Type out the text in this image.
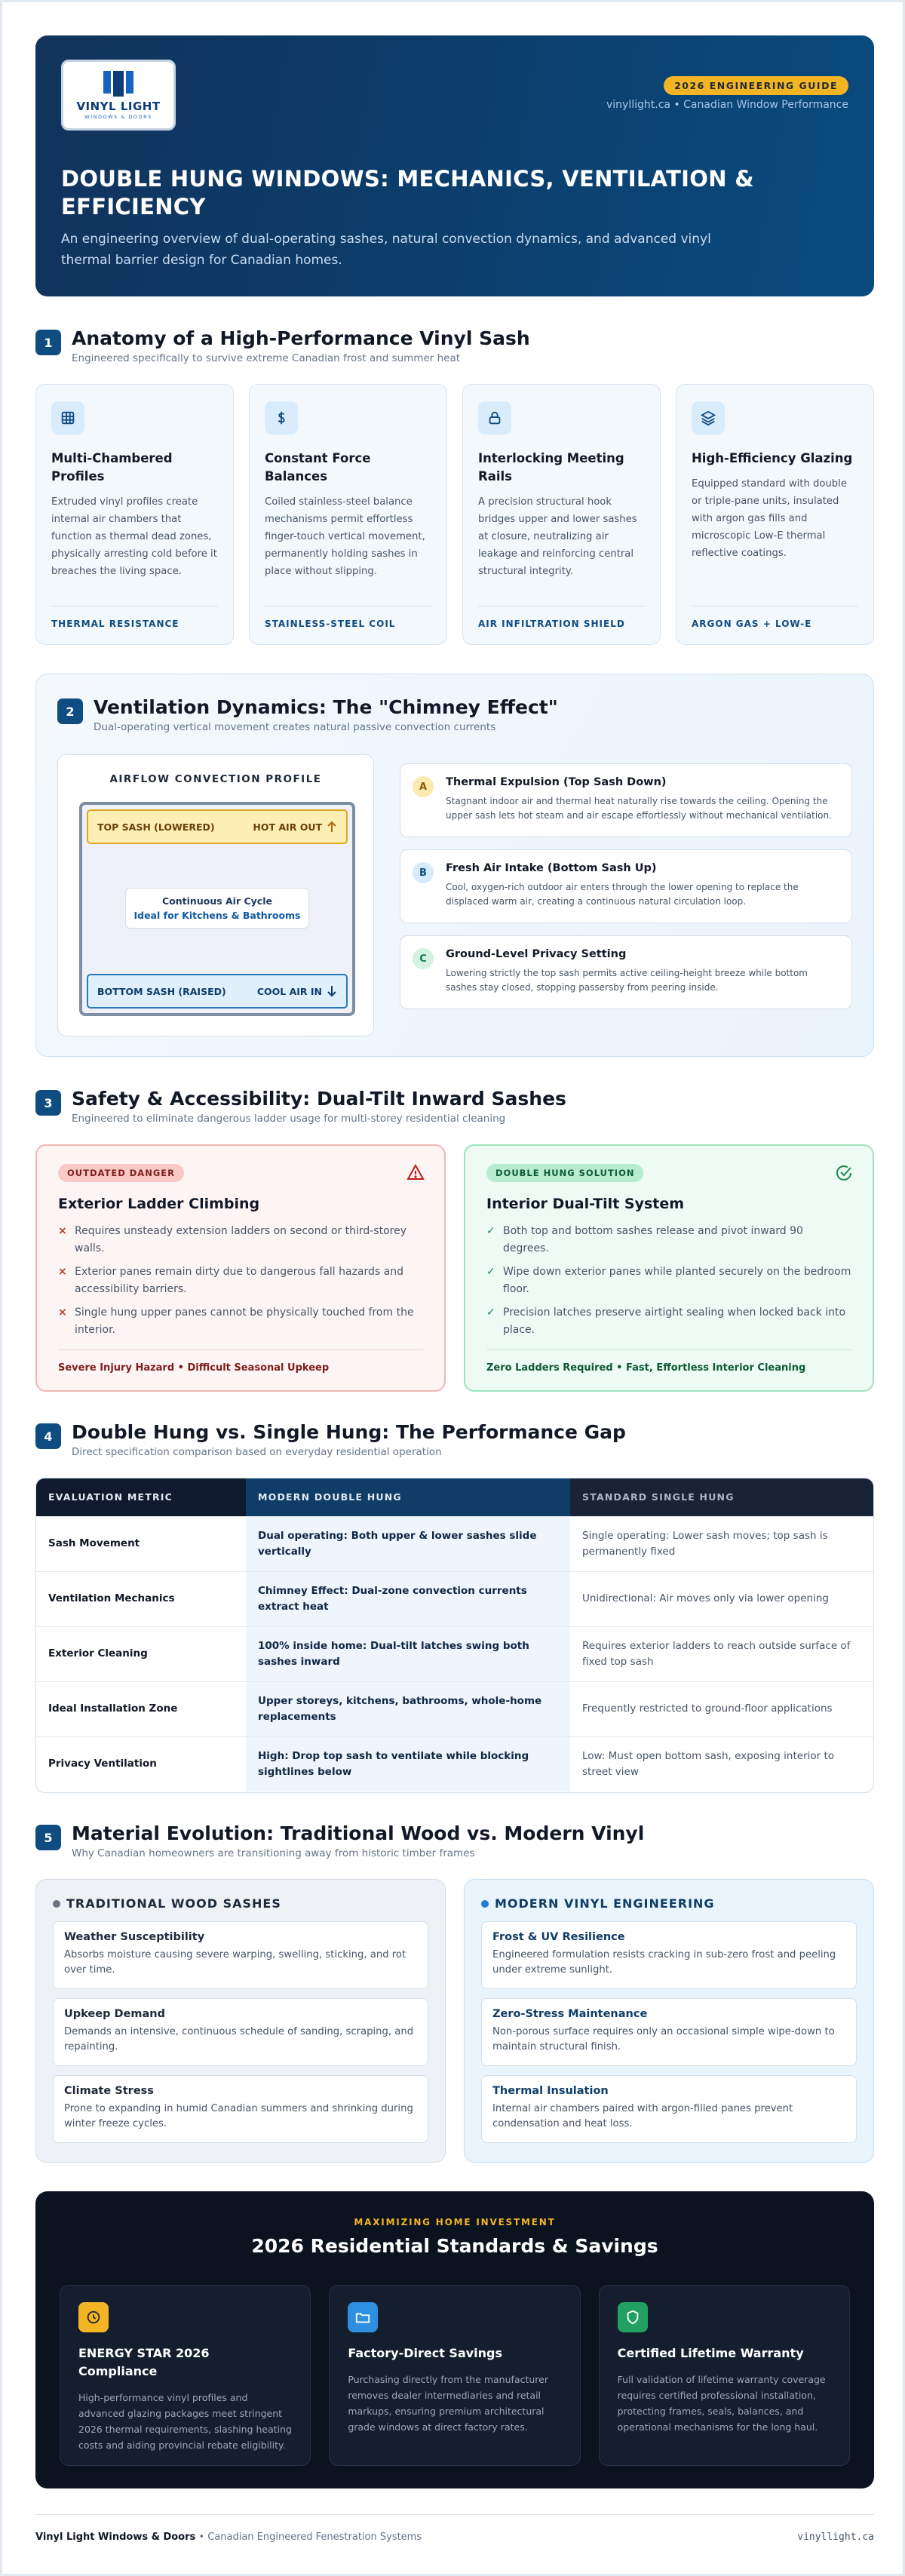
VINYL LIGHT
WINDOWS & DOORS
2026 ENGINEERING GUIDE
vinyllight.ca • Canadian Window Performance
DOUBLE HUNG WINDOWS: MECHANICS, VENTILATION & EFFICIENCY
An engineering overview of dual-operating sashes, natural convection dynamics, and advanced vinyl thermal barrier design for Canadian homes.
1	Anatomy of a High-Performance Vinyl Sash
Engineered specifically to survive extreme Canadian frost and summer heat
Multi-Chambered Profiles

Extruded vinyl profiles create internal air chambers that function as thermal dead zones, physically arresting cold before it breaches the living space.

THERMAL RESISTANCE
Constant Force Balances

Coiled stainless-steel balance mechanisms permit effortless finger-touch vertical movement, permanently holding sashes in place without slipping.

STAINLESS-STEEL COIL
Interlocking Meeting Rails

A precision structural hook bridges upper and lower sashes at closure, neutralizing air leakage and reinforcing central structural integrity.

AIR INFILTRATION SHIELD
High-Efficiency Glazing

Equipped standard with double or triple-pane units, insulated with argon gas fills and microscopic Low-E thermal reflective coatings.

ARGON GAS + LOW-E
2	Ventilation Dynamics: The "Chimney Effect"
Dual-operating vertical movement creates natural passive convection currents
AIRFLOW CONVECTION PROFILE
TOP SASH (LOWERED)	HOT AIR OUT
Continuous Air Cycle
Ideal for Kitchens & Bathrooms
BOTTOM SASH (RAISED)	COOL AIR IN
A	Thermal Expulsion (Top Sash Down)

Stagnant indoor air and thermal heat naturally rise towards the ceiling. Opening the upper sash lets hot steam and air escape effortlessly without mechanical ventilation.

B	Fresh Air Intake (Bottom Sash Up)

Cool, oxygen-rich outdoor air enters through the lower opening to replace the displaced warm air, creating a continuous natural circulation loop.

C	Ground-Level Privacy Setting

Lowering strictly the top sash permits active ceiling-height breeze while bottom sashes stay closed, stopping passersby from peering inside.

3	Safety & Accessibility: Dual-Tilt Inward Sashes
Engineered to eliminate dangerous ladder usage for multi-storey residential cleaning
OUTDATED DANGER
Exterior Ladder Climbing
× Requires unsteady extension ladders on second or third-storey walls.
× Exterior panes remain dirty due to dangerous fall hazards and accessibility barriers.
× Single hung upper panes cannot be physically touched from the interior.
Severe Injury Hazard • Difficult Seasonal Upkeep
DOUBLE HUNG SOLUTION
Interior Dual-Tilt System
✓ Both top and bottom sashes release and pivot inward 90 degrees.
✓ Wipe down exterior panes while planted securely on the bedroom floor.
✓ Precision latches preserve airtight sealing when locked back into place.
Zero Ladders Required • Fast, Effortless Interior Cleaning
4	Double Hung vs. Single Hung: The Performance Gap
Direct specification comparison based on everyday residential operation
EVALUATION METRIC	MODERN DOUBLE HUNG	STANDARD SINGLE HUNG
Sash Movement	Dual operating: Both upper & lower sashes slide vertically	Single operating: Lower sash moves; top sash is permanently fixed
Ventilation Mechanics	Chimney Effect: Dual-zone convection currents extract heat	Unidirectional: Air moves only via lower opening
Exterior Cleaning	100% inside home: Dual-tilt latches swing both sashes inward	Requires exterior ladders to reach outside surface of fixed top sash
Ideal Installation Zone	Upper storeys, kitchens, bathrooms, whole-home replacements	Frequently restricted to ground-floor applications
Privacy Ventilation	High: Drop top sash to ventilate while blocking sightlines below	Low: Must open bottom sash, exposing interior to street view
5	Material Evolution: Traditional Wood vs. Modern Vinyl
Why Canadian homeowners are transitioning away from historic timber frames
TRADITIONAL WOOD SASHES
Weather Susceptibility

Absorbs moisture causing severe warping, swelling, sticking, and rot over time.

Upkeep Demand

Demands an intensive, continuous schedule of sanding, scraping, and repainting.

Climate Stress

Prone to expanding in humid Canadian summers and shrinking during winter freeze cycles.

MODERN VINYL ENGINEERING
Frost & UV Resilience

Engineered formulation resists cracking in sub-zero frost and peeling under extreme sunlight.

Zero-Stress Maintenance

Non-porous surface requires only an occasional simple wipe-down to maintain structural finish.

Thermal Insulation

Internal air chambers paired with argon-filled panes prevent condensation and heat loss.

MAXIMIZING HOME INVESTMENT
2026 Residential Standards & Savings
ENERGY STAR 2026 Compliance

High-performance vinyl profiles and advanced glazing packages meet stringent 2026 thermal requirements, slashing heating costs and aiding provincial rebate eligibility.

Factory-Direct Savings

Purchasing directly from the manufacturer removes dealer intermediaries and retail markups, ensuring premium architectural grade windows at direct factory rates.

Certified Lifetime Warranty

Full validation of lifetime warranty coverage requires certified professional installation, protecting frames, seals, balances, and operational mechanisms for the long haul.

Vinyl Light Windows & Doors • Canadian Engineered Fenestration Systems	vinyllight.ca
